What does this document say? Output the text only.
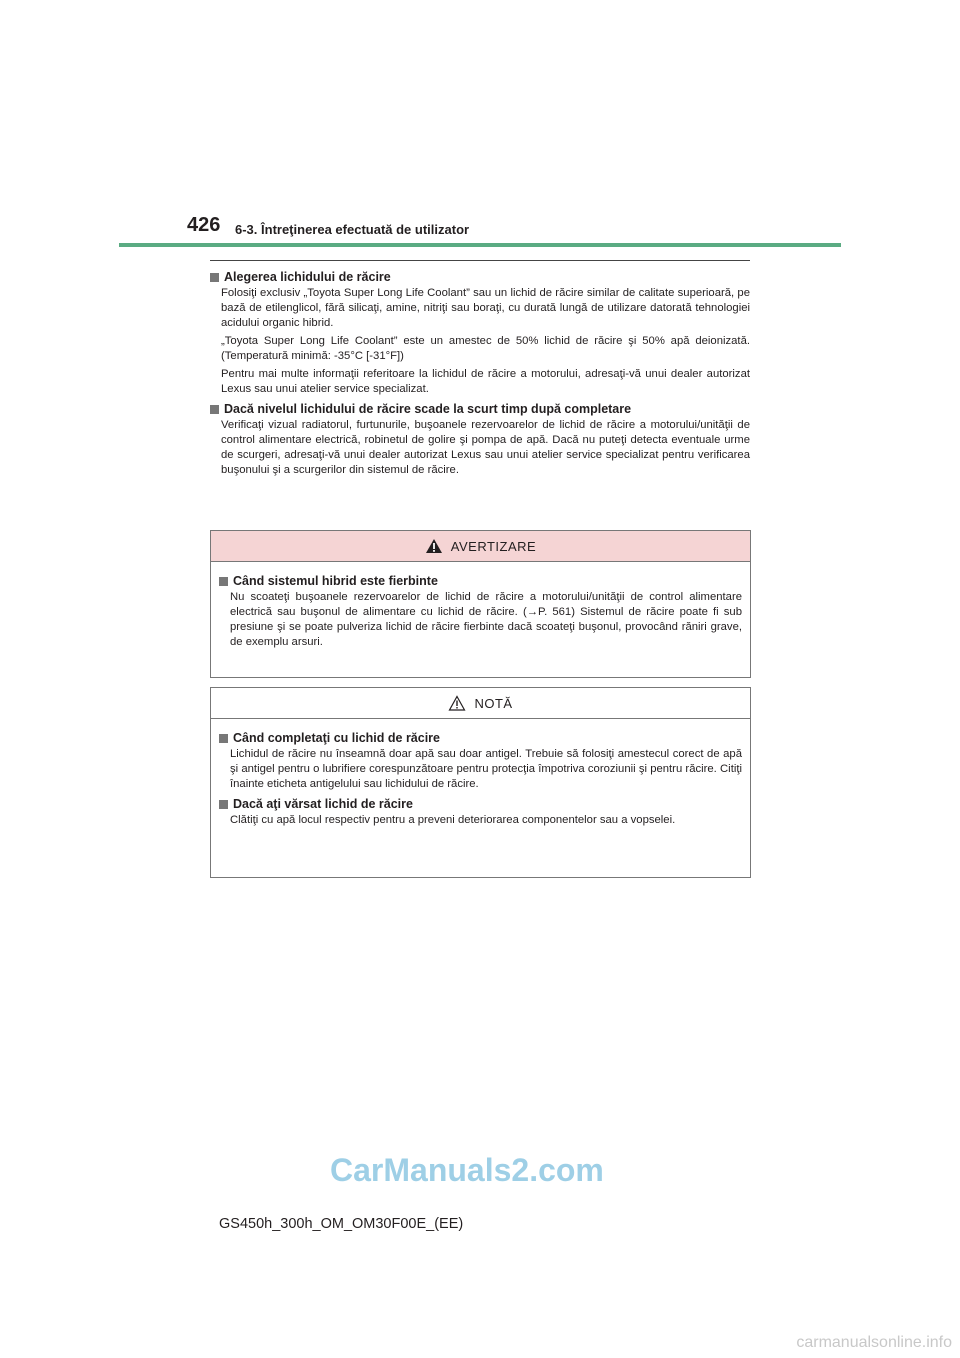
426 6-3. Întreţinerea efectuată de utilizator
Alegerea lichidului de răcire
Folosiţi exclusiv „Toyota Super Long Life Coolant” sau un lichid de răcire similar de calitate superioară, pe bază de etilenglicol, fără silicaţi, amine, nitriţi sau boraţi, cu durată lungă de utilizare datorată tehnologiei acidului organic hibrid.
„Toyota Super Long Life Coolant” este un amestec de 50% lichid de răcire şi 50% apă deionizată. (Temperatură minimă: -35°C [-31°F])
Pentru mai multe informaţii referitoare la lichidul de răcire a motorului, adresaţi-vă unui dealer autorizat Lexus sau unui atelier service specializat.
Dacă nivelul lichidului de răcire scade la scurt timp după completare
Verificaţi vizual radiatorul, furtunurile, buşoanele rezervoarelor de lichid de răcire a motorului/unităţii de control alimentare electrică, robinetul de golire şi pompa de apă. Dacă nu puteţi detecta eventuale urme de scurgeri, adresaţi-vă unui dealer autorizat Lexus sau unui atelier service specializat pentru verificarea buşonului şi a scurgerilor din sistemul de răcire.
AVERTIZARE
Când sistemul hibrid este fierbinte
Nu scoateţi buşoanele rezervoarelor de lichid de răcire a motorului/unităţii de control alimentare electrică sau buşonul de alimentare cu lichid de răcire. (→P. 561) Sistemul de răcire poate fi sub presiune şi se poate pulveriza lichid de răcire fierbinte dacă scoateţi buşonul, provocând răniri grave, de exemplu arsuri.
NOTĂ
Când completaţi cu lichid de răcire
Lichidul de răcire nu înseamnă doar apă sau doar antigel. Trebuie să folosiţi amestecul corect de apă şi antigel pentru o lubrifiere corespunzătoare pentru protecţia împotriva coroziunii şi pentru răcire. Citiţi înainte eticheta antigelului sau lichidului de răcire.
Dacă aţi vărsat lichid de răcire
Clătiţi cu apă locul respectiv pentru a preveni deteriorarea componentelor sau a vopselei.
CarManuals2.com
GS450h_300h_OM_OM30F00E_(EE)
carmanualsonline.info
